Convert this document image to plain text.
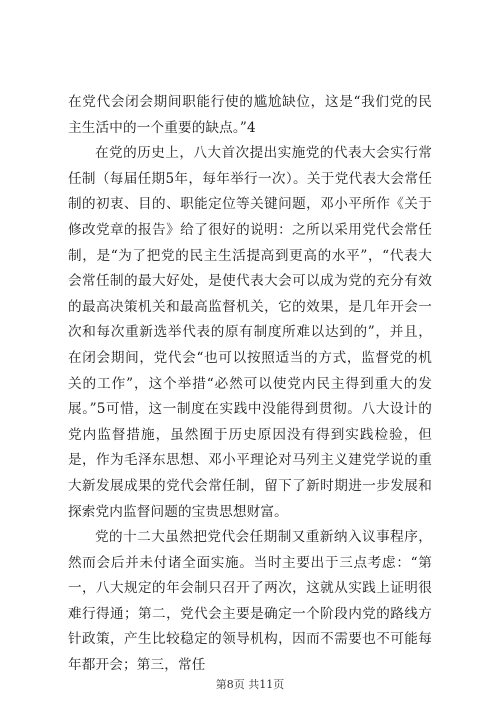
在党代会闭会期间职能行使的尴尬缺位，这是“我们党的民主生活中的一个重要的缺点。”4

在党的历史上，八大首次提出实施党的代表大会实行常任制（每届任期5年，每年举行一次）。关于党代表大会常任制的初衷、目的、职能定位等关键问题，邓小平所作《关于修改党章的报告》给了很好的说明：之所以采用党代会常任制，是“为了把党的民主生活提高到更高的水平”，“代表大会常任制的最大好处，是使代表大会可以成为党的充分有效的最高决策机关和最高监督机关，它的效果，是几年开会一次和每次重新选举代表的原有制度所难以达到的”，并且，在闭会期间，党代会“也可以按照适当的方式，监督党的机关的工作”，这个举措“必然可以使党内民主得到重大的发展。”5可惜，这一制度在实践中没能得到贯彻。八大设计的党内监督措施，虽然囿于历史原因没有得到实践检验，但是，作为毛泽东思想、邓小平理论对马列主义建党学说的重大新发展成果的党代会常任制，留下了新时期进一步发展和探索党内监督问题的宝贵思想财富。

党的十二大虽然把党代会任期制又重新纳入议事程序，然而会后并未付诸全面实施。当时主要出于三点考虑：“第一，八大规定的年会制只召开了两次，这就从实践上证明很难行得通；第二，党代会主要是确定一个阶段内党的路线方针政策，产生比较稳定的领导机构，因而不需要也不可能每年都开会；第三，常任

第8页 共11页
